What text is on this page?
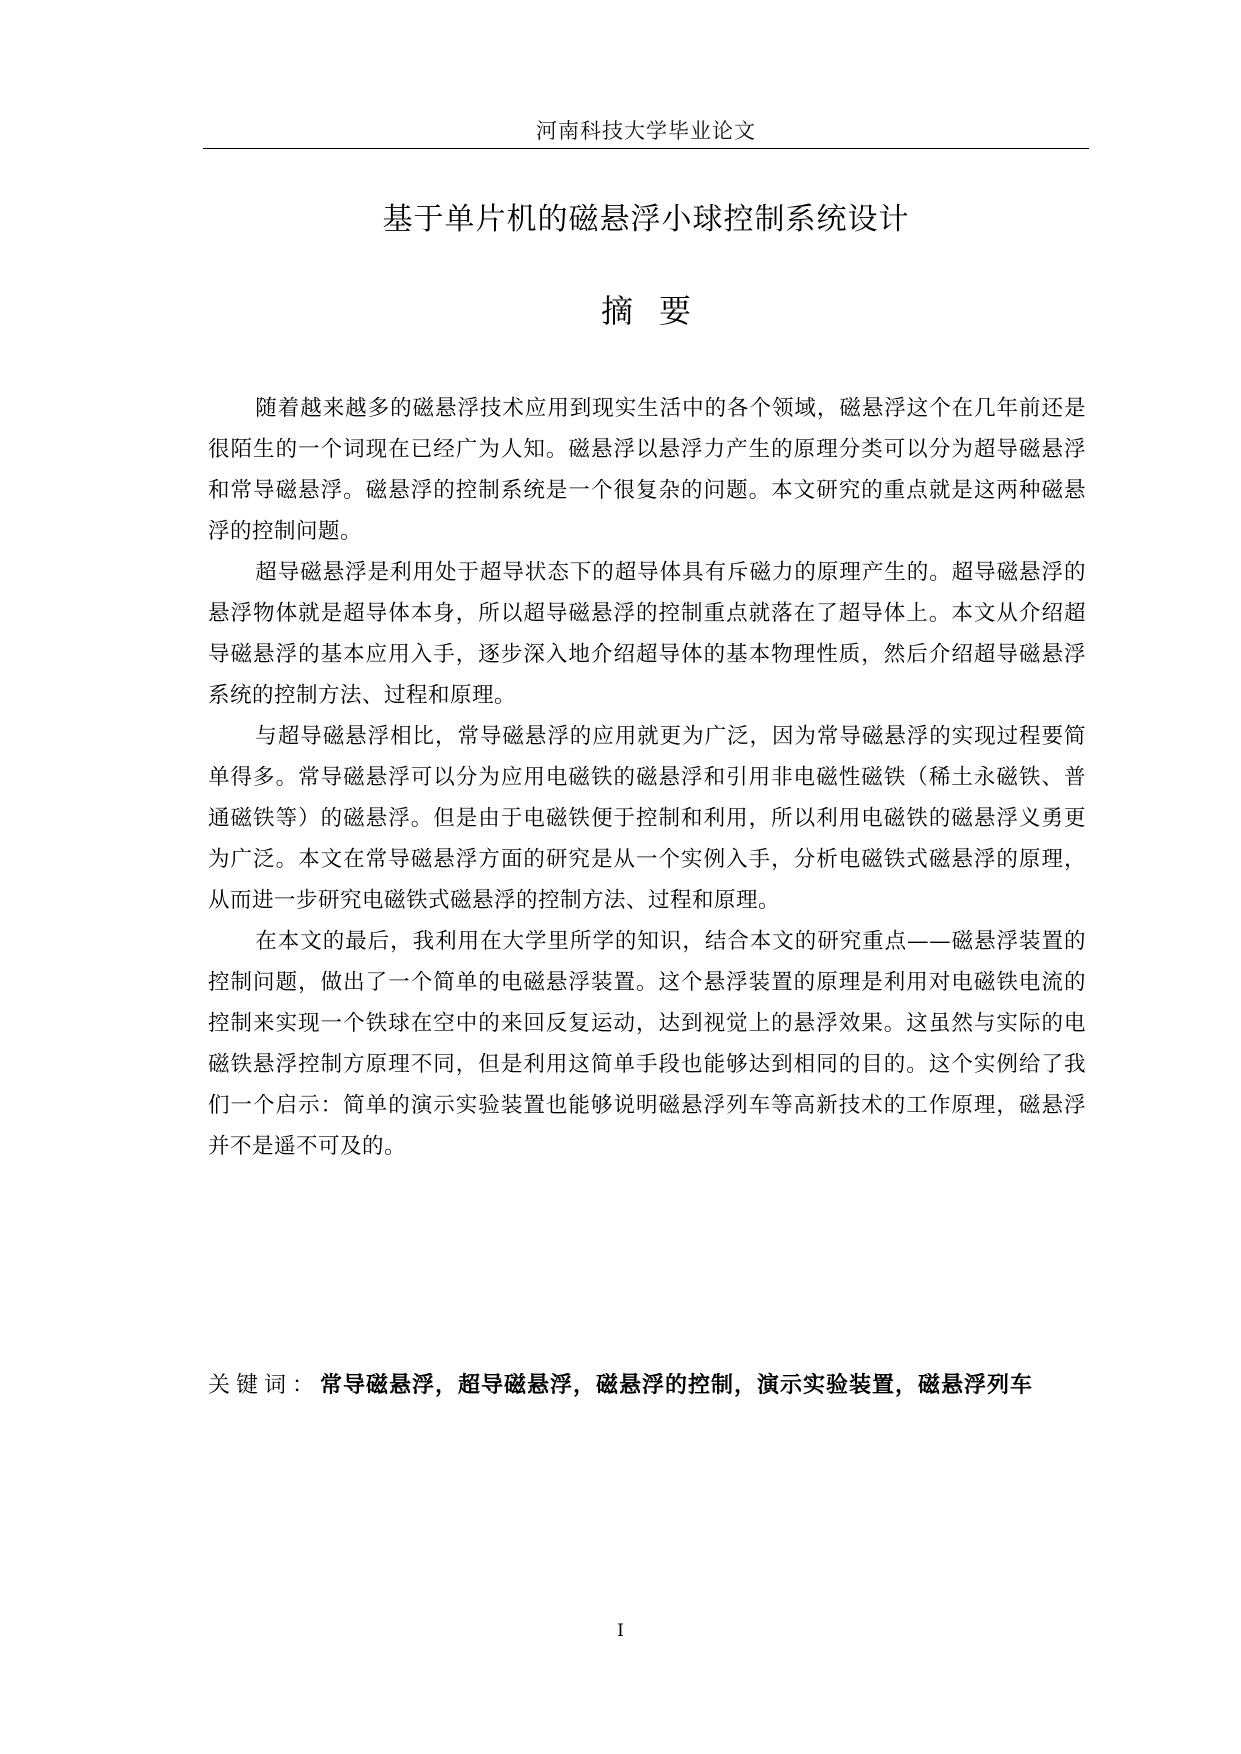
河南科技大学毕业论文
基于单片机的磁悬浮小球控制系统设计
摘要

随着越来越多的磁悬浮技术应用到现实生活中的各个领域，磁悬浮这个在几年前还是很陌生的一个词现在已经广为人知。磁悬浮以悬浮力产生的原理分类可以分为超导磁悬浮和常导磁悬浮。磁悬浮的控制系统是一个很复杂的问题。本文研究的重点就是这两种磁悬浮的控制问题。

超导磁悬浮是利用处于超导状态下的超导体具有斥磁力的原理产生的。超导磁悬浮的悬浮物体就是超导体本身，所以超导磁悬浮的控制重点就落在了超导体上。本文从介绍超导磁悬浮的基本应用入手，逐步深入地介绍超导体的基本物理性质，然后介绍超导磁悬浮系统的控制方法、过程和原理。

与超导磁悬浮相比，常导磁悬浮的应用就更为广泛，因为常导磁悬浮的实现过程要简单得多。常导磁悬浮可以分为应用电磁铁的磁悬浮和引用非电磁性磁铁（稀土永磁铁、普通磁铁等）的磁悬浮。但是由于电磁铁便于控制和利用，所以利用电磁铁的磁悬浮义勇更为广泛。本文在常导磁悬浮方面的研究是从一个实例入手，分析电磁铁式磁悬浮的原理，从而进一步研究电磁铁式磁悬浮的控制方法、过程和原理。

在本文的最后，我利用在大学里所学的知识，结合本文的研究重点——磁悬浮装置的控制问题，做出了一个简单的电磁悬浮装置。这个悬浮装置的原理是利用对电磁铁电流的控制来实现一个铁球在空中的来回反复运动，达到视觉上的悬浮效果。这虽然与实际的电磁铁悬浮控制方原理不同，但是利用这简单手段也能够达到相同的目的。这个实例给了我们一个启示：简单的演示实验装置也能够说明磁悬浮列车等高新技术的工作原理，磁悬浮并不是遥不可及的。

关键词：常导磁悬浮，超导磁悬浮，磁悬浮的控制，演示实验装置，磁悬浮列车
I
